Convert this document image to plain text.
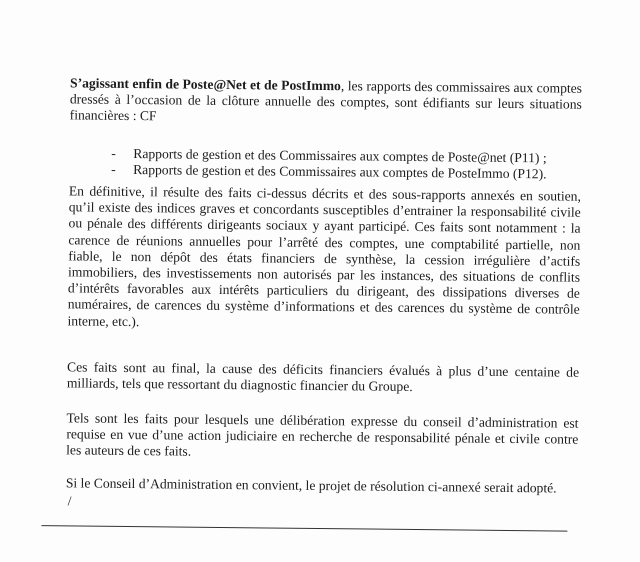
S’agissant enfin de Poste@Net et de PostImmo, les rapports des commissaires aux comptes dressés à l’occasion de la clôture annuelle des comptes, sont édifiants sur leurs situations financières : CF

- Rapports de gestion et des Commissaires aux comptes de Poste@net (P11) ;
- Rapports de gestion et des Commissaires aux comptes de PosteImmo (P12).

En définitive, il résulte des faits ci-dessus décrits et des sous-rapports annexés en soutien, qu’il existe des indices graves et concordants susceptibles d’entrainer la responsabilité civile ou pénale des différents dirigeants sociaux y ayant participé. Ces faits sont notamment : la carence de réunions annuelles pour l’arrêté des comptes, une comptabilité partielle, non fiable, le non dépôt des états financiers de synthèse, la cession irrégulière d’actifs immobiliers, des investissements non autorisés par les instances, des situations de conflits d’intérêts favorables aux intérêts particuliers du dirigeant, des dissipations diverses de numéraires, de carences du système d’informations et des carences du système de contrôle interne, etc.).

Ces faits sont au final, la cause des déficits financiers évalués à plus d’une centaine de milliards, tels que ressortant du diagnostic financier du Groupe.

Tels sont les faits pour lesquels une délibération expresse du conseil d’administration est requise en vue d’une action judiciaire en recherche de responsabilité pénale et civile contre les auteurs de ces faits.

Si le Conseil d’Administration en convient, le projet de résolution ci-annexé serait adopté.

/
